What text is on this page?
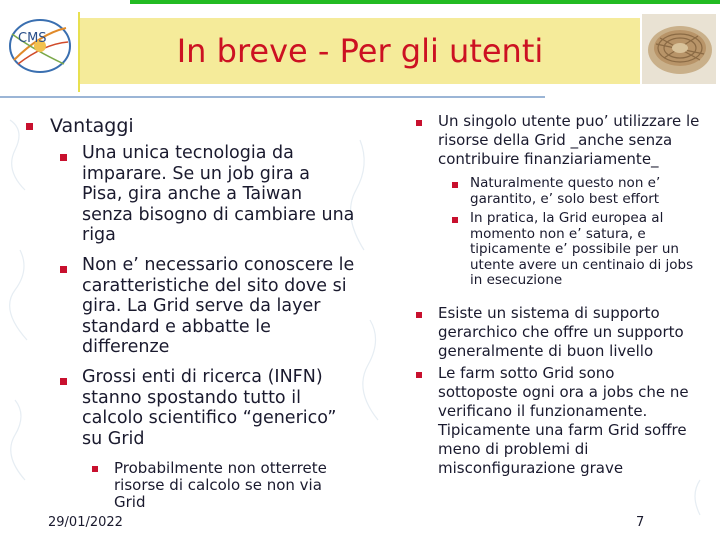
CMS	In breve - Per gli utenti
Vantaggi
Una unica tecnologia da
imparare. Se un job gira a
Pisa, gira anche a Taiwan
senza bisogno di cambiare una
riga
Non e’ necessario conoscere le
caratteristiche del sito dove si
gira. La Grid serve da layer
standard e abbatte le
differenze
Grossi enti di ricerca (INFN)
stanno spostando tutto il
calcolo scientifico “generico”
su Grid
Probabilmente non otterrete
risorse di calcolo se non via
Grid
Un singolo utente puo’ utilizzare le
risorse della Grid _anche senza
contribuire finanziariamente_
Naturalmente questo non e’
garantito, e’ solo best effort
In pratica, la Grid europea al
momento non e’ satura, e
tipicamente e’ possibile per un
utente avere un centinaio di jobs
in esecuzione
Esiste un sistema di supporto
gerarchico che offre un supporto
generalmente di buon livello
Le farm sotto Grid sono
sottoposte ogni ora a jobs che ne
verificano il funzionamente.
Tipicamente una farm Grid soffre
meno di problemi di
misconfigurazione grave
29/01/2022	7
